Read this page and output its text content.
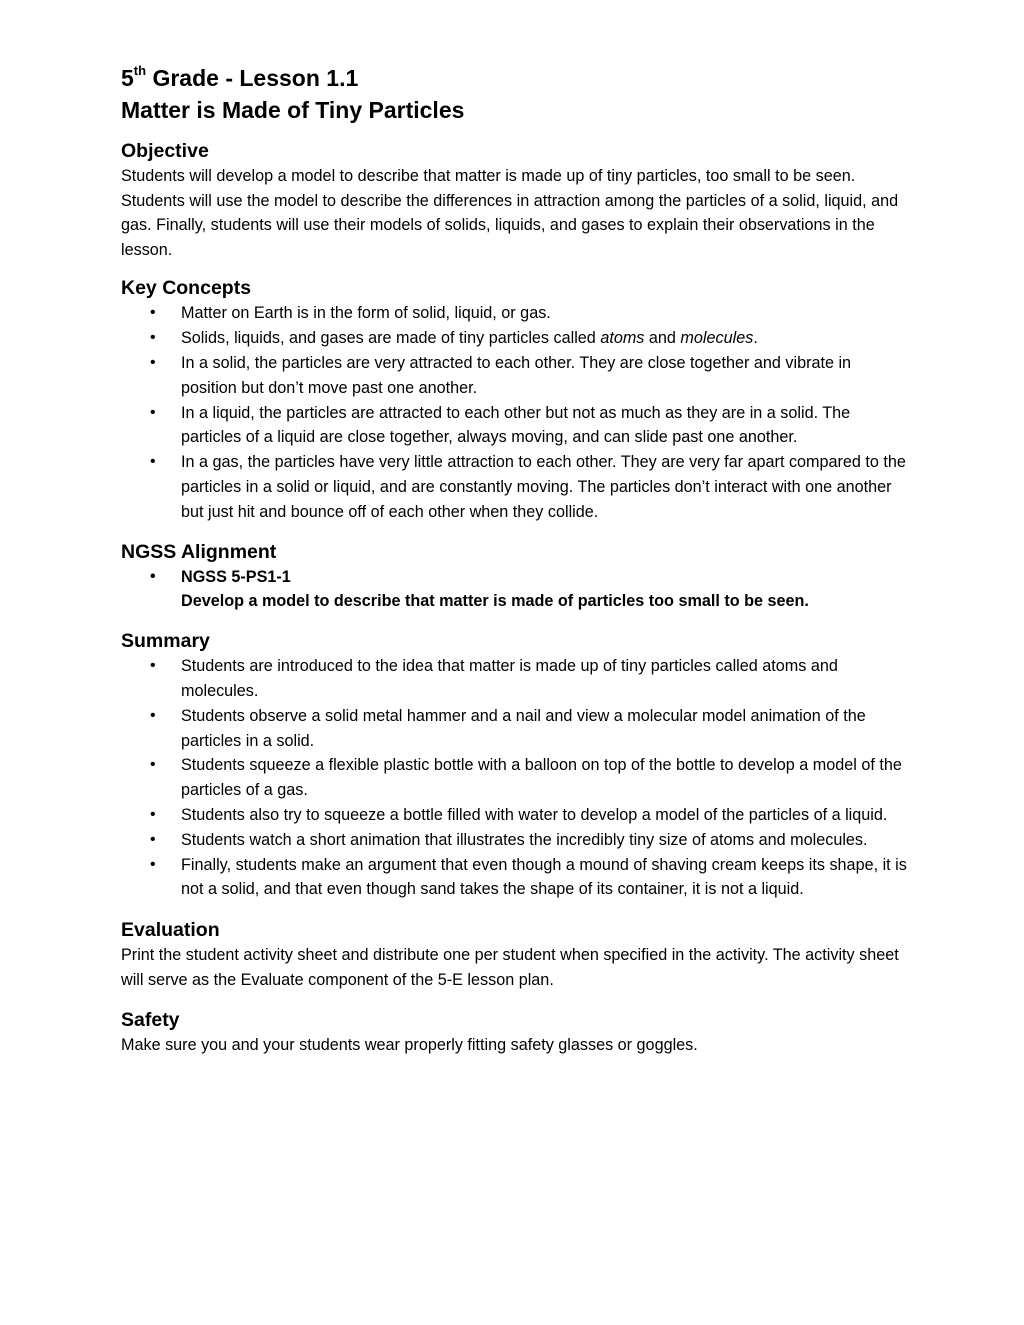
5th Grade - Lesson 1.1
Matter is Made of Tiny Particles
Objective

Students will develop a model to describe that matter is made up of tiny particles, too small to be seen. Students will use the model to describe the differences in attraction among the particles of a solid, liquid, and gas. Finally, students will use their models of solids, liquids, and gases to explain their observations in the lesson.

Key Concepts
• Matter on Earth is in the form of solid, liquid, or gas.
• Solids, liquids, and gases are made of tiny particles called atoms and molecules.
• In a solid, the particles are very attracted to each other. They are close together and vibrate in position but don’t move past one another.
• In a liquid, the particles are attracted to each other but not as much as they are in a solid. The particles of a liquid are close together, always moving, and can slide past one another.
• In a gas, the particles have very little attraction to each other. They are very far apart compared to the particles in a solid or liquid, and are constantly moving. The particles don’t interact with one another but just hit and bounce off of each other when they collide.
NGSS Alignment
• NGSS 5-PS1-1
Develop a model to describe that matter is made of particles too small to be seen.
Summary
• Students are introduced to the idea that matter is made up of tiny particles called atoms and molecules.
• Students observe a solid metal hammer and a nail and view a molecular model animation of the particles in a solid.
• Students squeeze a flexible plastic bottle with a balloon on top of the bottle to develop a model of the particles of a gas.
• Students also try to squeeze a bottle filled with water to develop a model of the particles of a liquid.
• Students watch a short animation that illustrates the incredibly tiny size of atoms and molecules.
• Finally, students make an argument that even though a mound of shaving cream keeps its shape, it is not a solid, and that even though sand takes the shape of its container, it is not a liquid.
Evaluation

Print the student activity sheet and distribute one per student when specified in the activity. The activity sheet will serve as the Evaluate component of the 5-E lesson plan.

Safety

Make sure you and your students wear properly fitting safety glasses or goggles.
